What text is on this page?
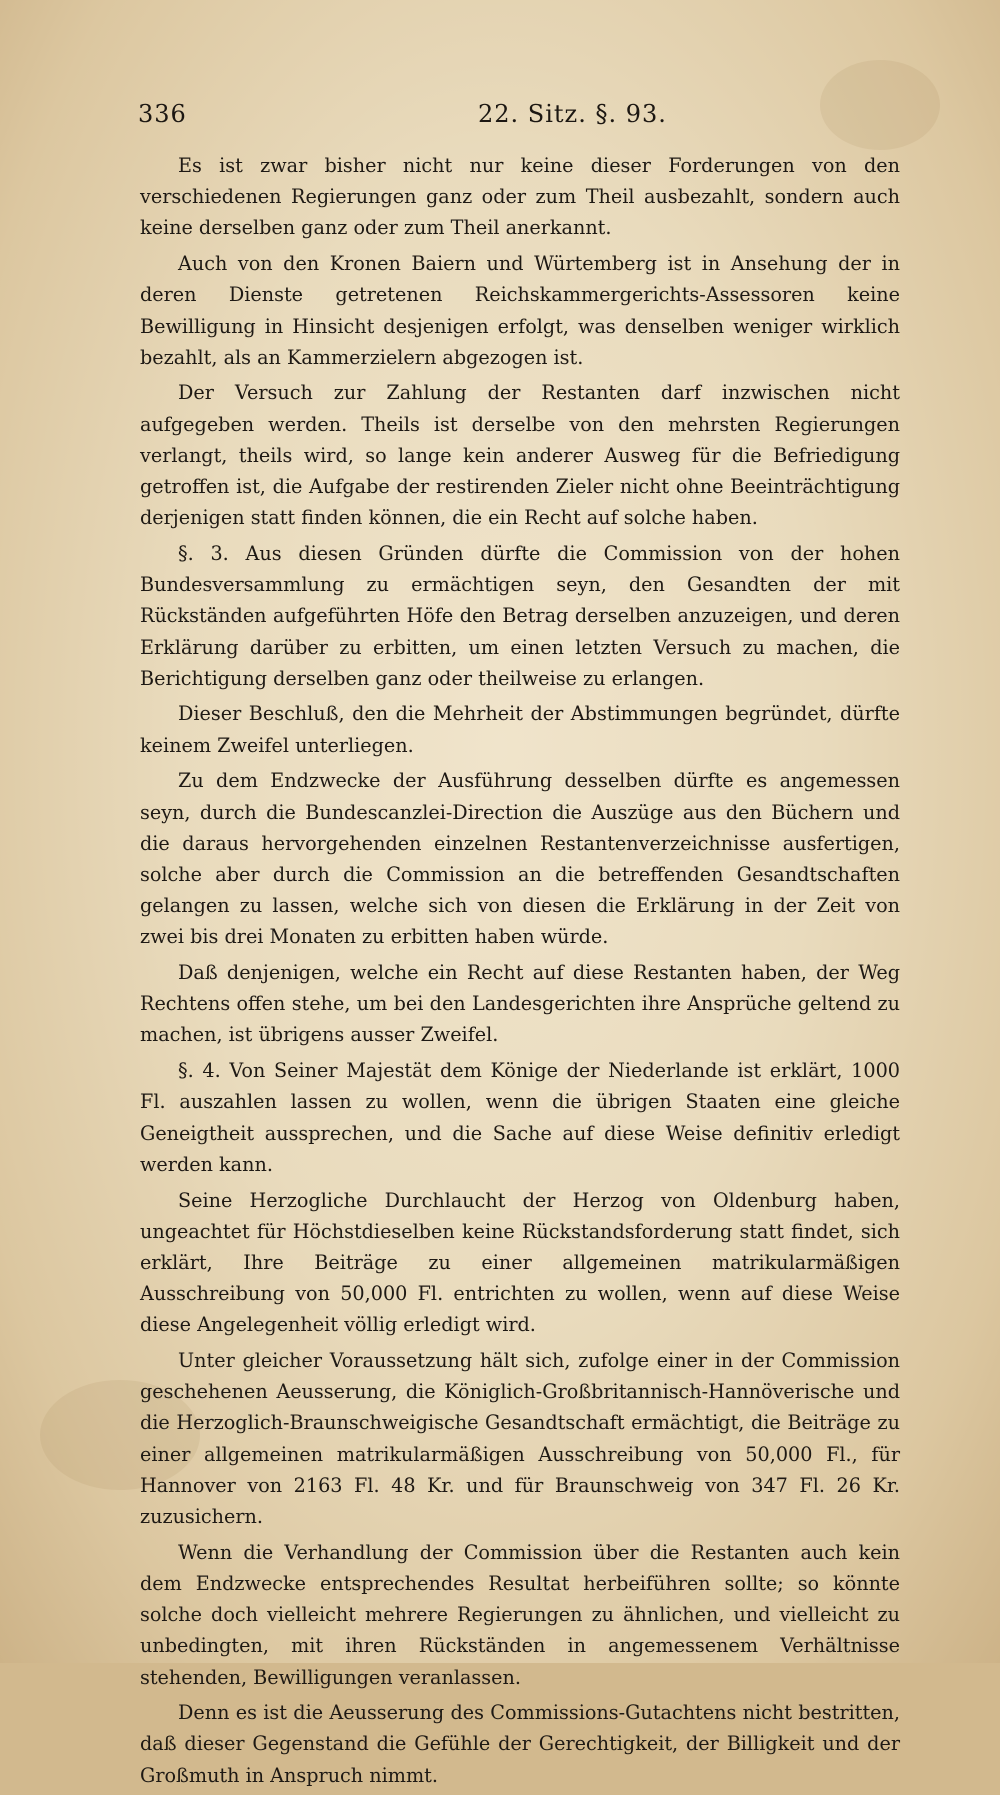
336	22. Sitz. §. 93.

Es ist zwar bisher nicht nur keine dieser Forderungen von den verschiedenen Regierungen ganz oder zum Theil ausbezahlt, sondern auch keine derselben ganz oder zum Theil anerkannt.

Auch von den Kronen Baiern und Würtemberg ist in Ansehung der in deren Dienste getretenen Reichskammergerichts-Assessoren keine Bewilligung in Hinsicht desjenigen erfolgt, was denselben weniger wirklich bezahlt, als an Kammerzielern abgezogen ist.

Der Versuch zur Zahlung der Restanten darf inzwischen nicht aufgegeben werden. Theils ist derselbe von den mehrsten Regierungen verlangt, theils wird, so lange kein anderer Ausweg für die Befriedigung getroffen ist, die Aufgabe der restirenden Zieler nicht ohne Beeinträchtigung derjenigen statt finden können, die ein Recht auf solche haben.

§. 3. Aus diesen Gründen dürfte die Commission von der hohen Bundesversammlung zu ermächtigen seyn, den Gesandten der mit Rückständen aufgeführten Höfe den Betrag derselben anzuzeigen, und deren Erklärung darüber zu erbitten, um einen letzten Versuch zu machen, die Berichtigung derselben ganz oder theilweise zu erlangen.

Dieser Beschluß, den die Mehrheit der Abstimmungen begründet, dürfte keinem Zweifel unterliegen.

Zu dem Endzwecke der Ausführung desselben dürfte es angemessen seyn, durch die Bundescanzlei-Direction die Auszüge aus den Büchern und die daraus hervorgehenden einzelnen Restantenverzeichnisse ausfertigen, solche aber durch die Commission an die betreffenden Gesandtschaften gelangen zu lassen, welche sich von diesen die Erklärung in der Zeit von zwei bis drei Monaten zu erbitten haben würde.

Daß denjenigen, welche ein Recht auf diese Restanten haben, der Weg Rechtens offen stehe, um bei den Landesgerichten ihre Ansprüche geltend zu machen, ist übrigens ausser Zweifel.

§. 4. Von Seiner Majestät dem Könige der Niederlande ist erklärt, 1000 Fl. auszahlen lassen zu wollen, wenn die übrigen Staaten eine gleiche Geneigtheit aussprechen, und die Sache auf diese Weise definitiv erledigt werden kann.

Seine Herzogliche Durchlaucht der Herzog von Oldenburg haben, ungeachtet für Höchstdieselben keine Rückstandsforderung statt findet, sich erklärt, Ihre Beiträge zu einer allgemeinen matrikularmäßigen Ausschreibung von 50,000 Fl. entrichten zu wollen, wenn auf diese Weise diese Angelegenheit völlig erledigt wird.

Unter gleicher Voraussetzung hält sich, zufolge einer in der Commission geschehenen Aeusserung, die Königlich-Großbritannisch-Hannöverische und die Herzoglich-Braunschweigische Gesandtschaft ermächtigt, die Beiträge zu einer allgemeinen matrikularmäßigen Ausschreibung von 50,000 Fl., für Hannover von 2163 Fl. 48 Kr. und für Braunschweig von 347 Fl. 26 Kr. zuzusichern.

Wenn die Verhandlung der Commission über die Restanten auch kein dem Endzwecke entsprechendes Resultat herbeiführen sollte; so könnte solche doch vielleicht mehrere Regierungen zu ähnlichen, und vielleicht zu unbedingten, mit ihren Rückständen in angemessenem Verhältnisse stehenden, Bewilligungen veranlassen.

Denn es ist die Aeusserung des Commissions-Gutachtens nicht bestritten, daß dieser Gegenstand die Gefühle der Gerechtigkeit, der Billigkeit und der Großmuth in Anspruch nimmt.
